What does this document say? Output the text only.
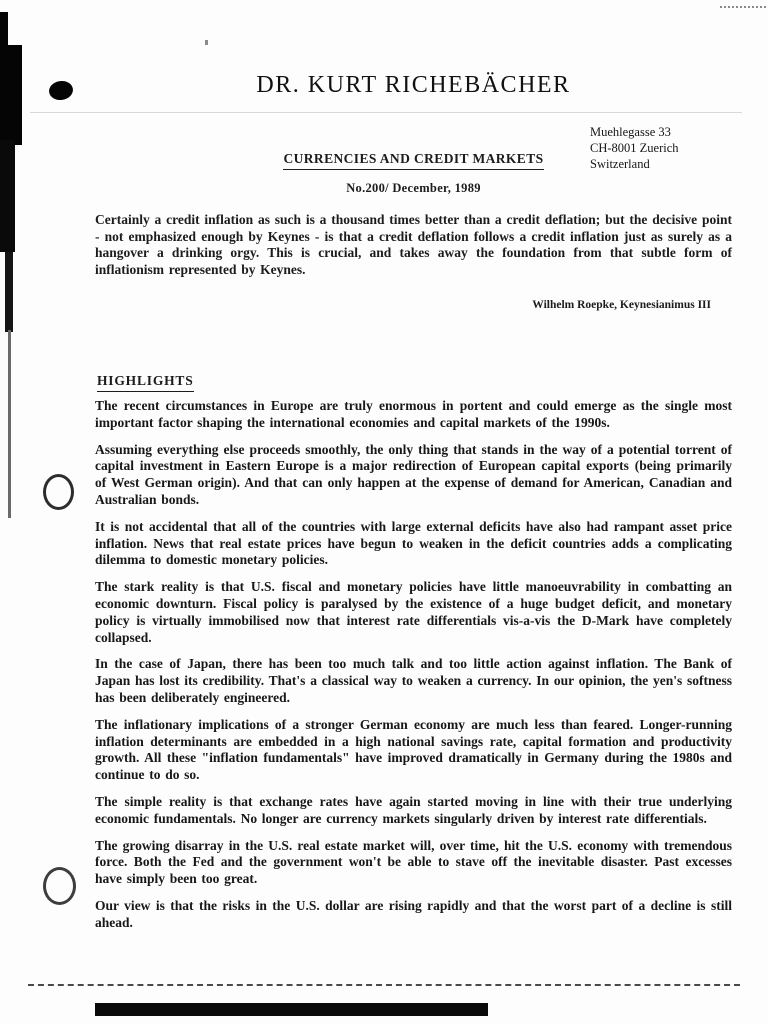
DR. KURT RICHEBÄCHER
Muehlegasse 33
CH-8001 Zuerich
Switzerland
CURRENCIES AND CREDIT MARKETS
No.200/ December, 1989
Certainly a credit inflation as such is a thousand times better than a credit deflation; but the decisive point - not emphasized enough by Keynes - is that a credit deflation follows a credit inflation just as surely as a hangover a drinking orgy. This is crucial, and takes away the foundation from that subtle form of inflationism represented by Keynes.
Wilhelm Roepke, Keynesianimus III
HIGHLIGHTS

The recent circumstances in Europe are truly enormous in portent and could emerge as the single most important factor shaping the international economies and capital markets of the 1990s.

Assuming everything else proceeds smoothly, the only thing that stands in the way of a potential torrent of capital investment in Eastern Europe is a major redirection of European capital exports (being primarily of West German origin). And that can only happen at the expense of demand for American, Canadian and Australian bonds.

It is not accidental that all of the countries with large external deficits have also had rampant asset price inflation. News that real estate prices have begun to weaken in the deficit countries adds a complicating dilemma to domestic monetary policies.

The stark reality is that U.S. fiscal and monetary policies have little manoeuvrability in combatting an economic downturn. Fiscal policy is paralysed by the existence of a huge budget deficit, and monetary policy is virtually immobilised now that interest rate differentials vis-a-vis the D-Mark have completely collapsed.

In the case of Japan, there has been too much talk and too little action against inflation. The Bank of Japan has lost its credibility. That's a classical way to weaken a currency. In our opinion, the yen's softness has been deliberately engineered.

The inflationary implications of a stronger German economy are much less than feared. Longer-running inflation determinants are embedded in a high national savings rate, capital formation and productivity growth. All these "inflation fundamentals" have improved dramatically in Germany during the 1980s and continue to do so.

The simple reality is that exchange rates have again started moving in line with their true underlying economic fundamentals. No longer are currency markets singularly driven by interest rate differentials.

The growing disarray in the U.S. real estate market will, over time, hit the U.S. economy with tremendous force. Both the Fed and the government won't be able to stave off the inevitable disaster. Past excesses have simply been too great.

Our view is that the risks in the U.S. dollar are rising rapidly and that the worst part of a decline is still ahead.
